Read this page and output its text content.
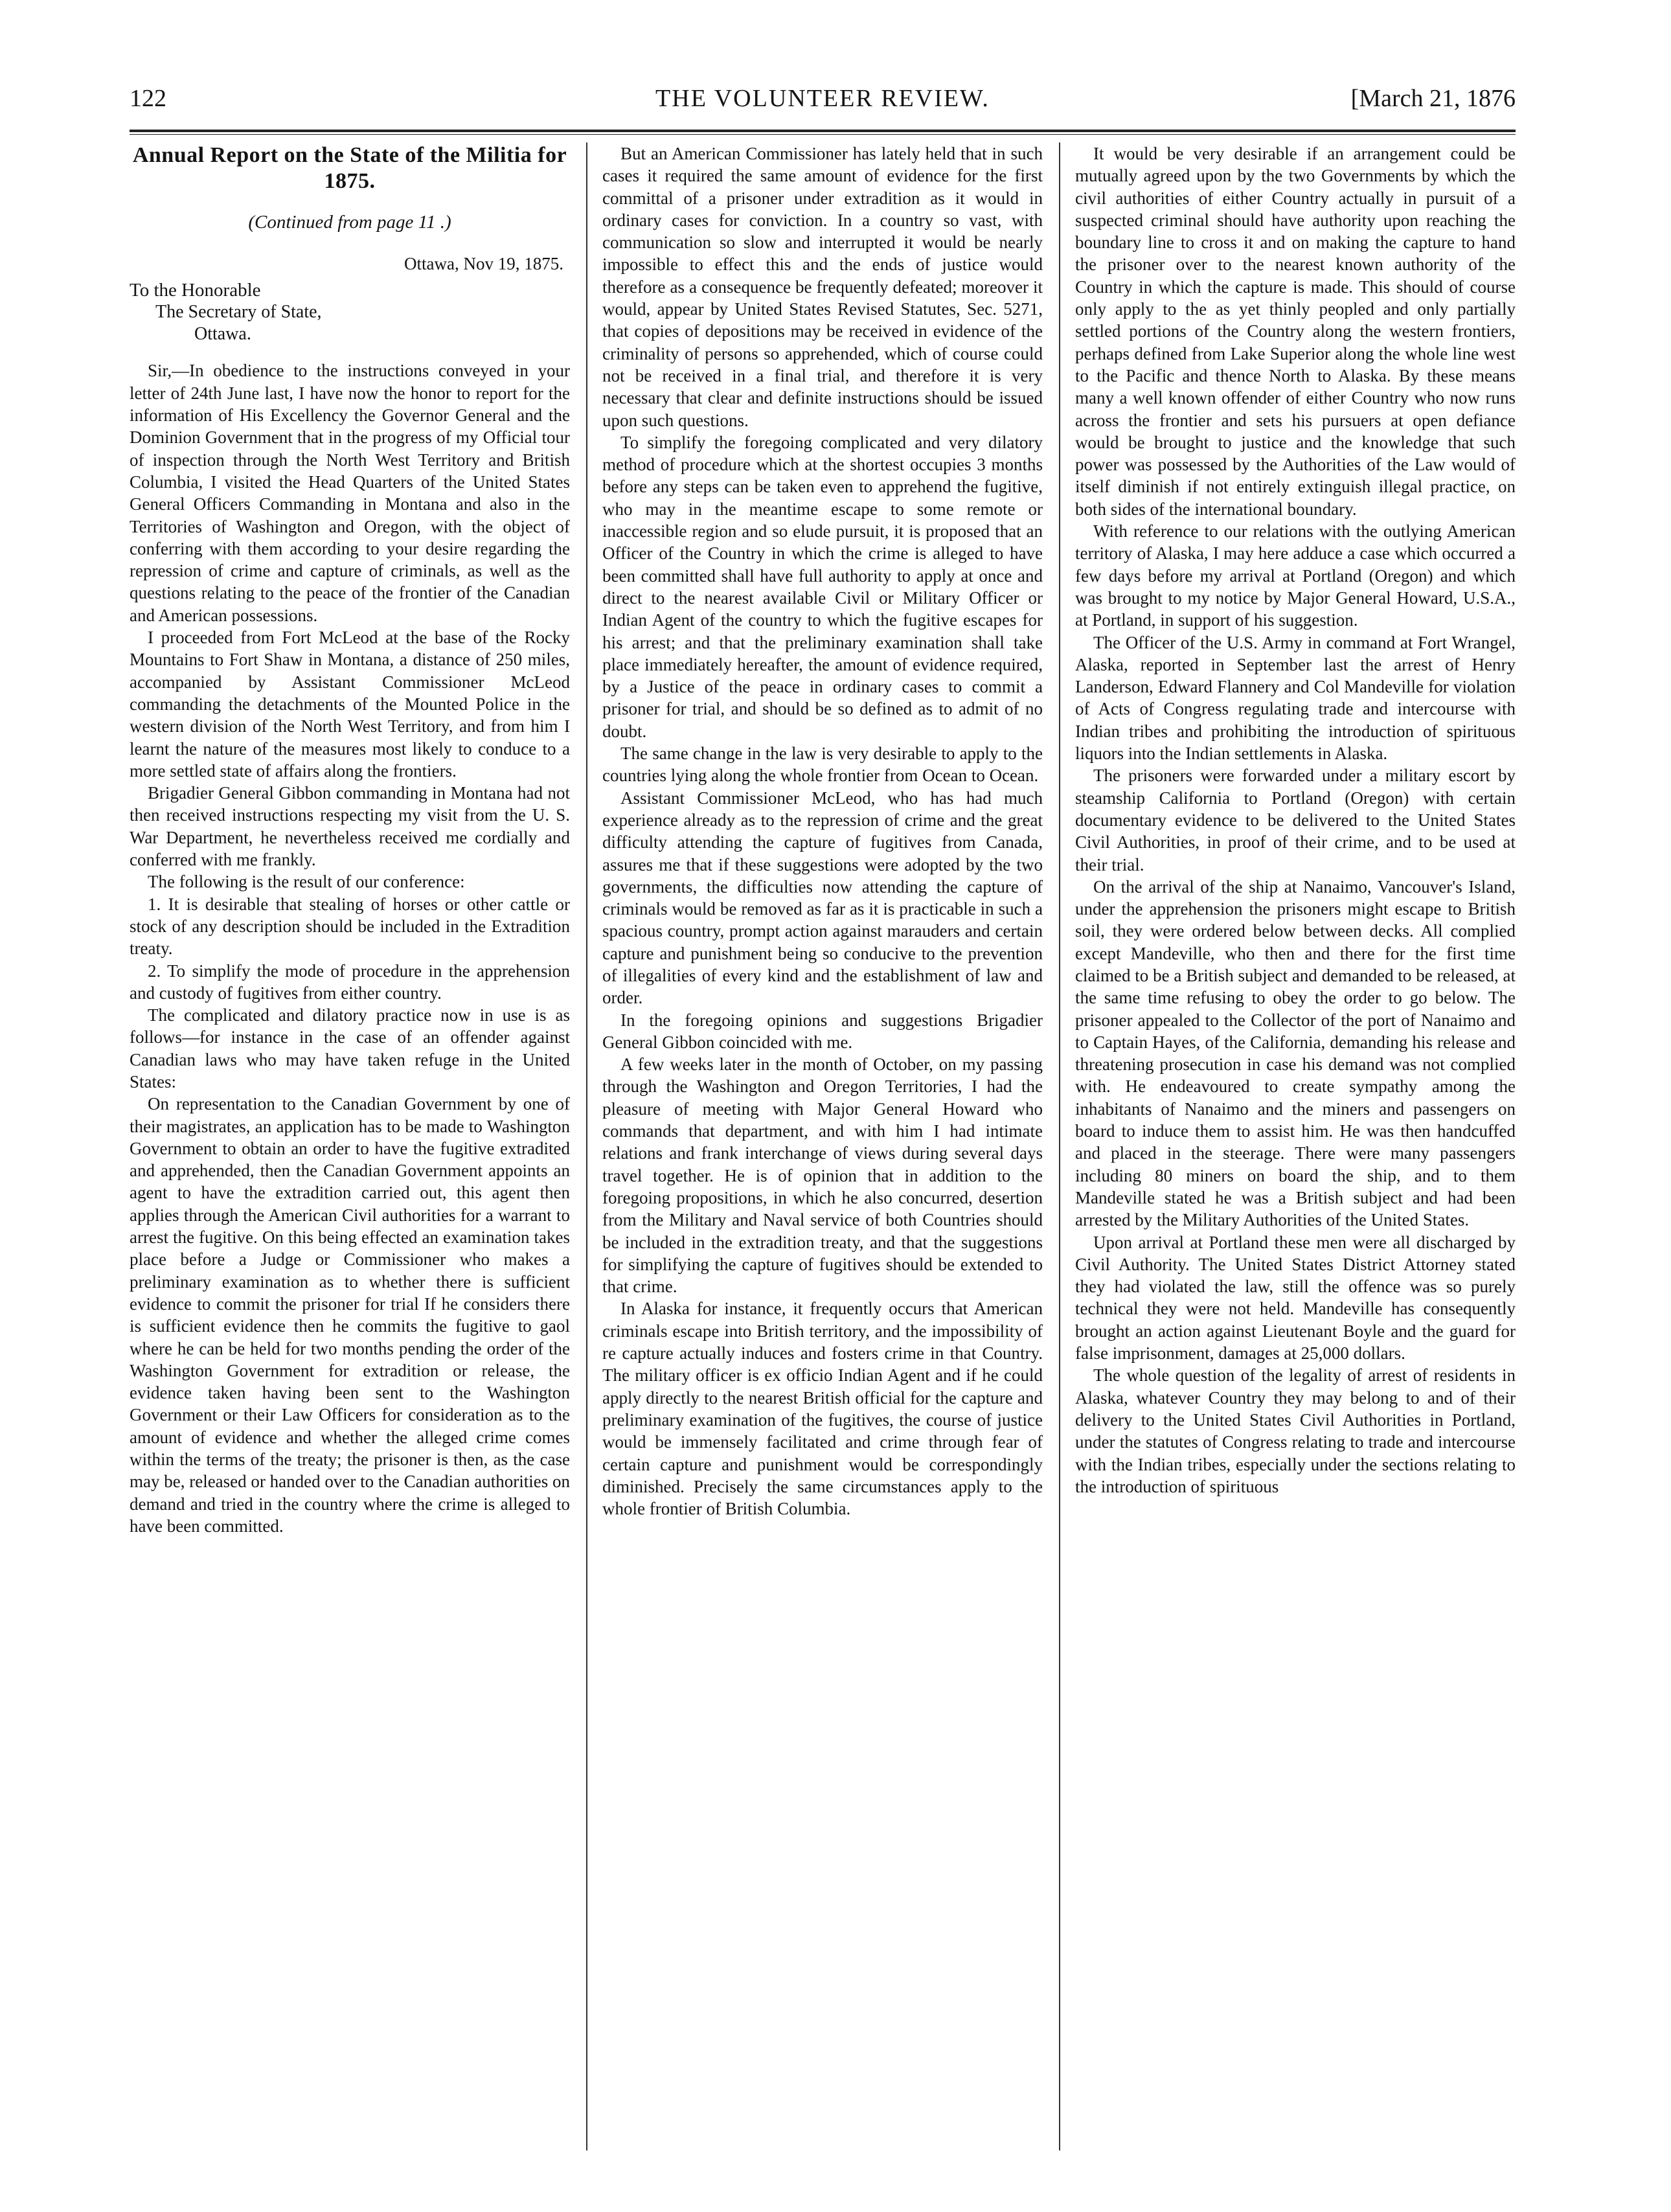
122	THE VOLUNTEER REVIEW.	[March 21, 1876
Annual Report on the State of the Militia for 1875.
(Continued from page 11 .)
Ottawa, Nov 19, 1875.
To the Honorable
The Secretary of State,
Ottawa.

Sir,—In obedience to the instructions conveyed in your letter of 24th June last, I have now the honor to report for the information of His Excellency the Governor General and the Dominion Government that in the progress of my Official tour of inspection through the North West Territory and British Columbia, I visited the Head Quarters of the United States General Officers Commanding in Montana and also in the Territories of Washington and Oregon, with the object of conferring with them according to your desire regarding the repression of crime and capture of criminals, as well as the questions relating to the peace of the frontier of the Canadian and American possessions.

I proceeded from Fort McLeod at the base of the Rocky Mountains to Fort Shaw in Montana, a distance of 250 miles, accompanied by Assistant Commissioner McLeod commanding the detachments of the Mounted Police in the western division of the North West Territory, and from him I learnt the nature of the measures most likely to conduce to a more settled state of affairs along the frontiers.

Brigadier General Gibbon commanding in Montana had not then received instructions respecting my visit from the U. S. War Department, he nevertheless received me cordially and conferred with me frankly.

The following is the result of our conference:

1. It is desirable that stealing of horses or other cattle or stock of any description should be included in the Extradition treaty.

2. To simplify the mode of procedure in the apprehension and custody of fugitives from either country.

The complicated and dilatory practice now in use is as follows—for instance in the case of an offender against Canadian laws who may have taken refuge in the United States:

On representation to the Canadian Government by one of their magistrates, an application has to be made to Washington Government to obtain an order to have the fugitive extradited and apprehended, then the Canadian Government appoints an agent to have the extradition carried out, this agent then applies through the American Civil authorities for a warrant to arrest the fugitive. On this being effected an examination takes place before a Judge or Commissioner who makes a preliminary examination as to whether there is sufficient evidence to commit the prisoner for trial If he considers there is sufficient evidence then he commits the fugitive to gaol where he can be held for two months pending the order of the Washington Government for extradition or release, the evidence taken having been sent to the Washington Government or their Law Officers for consideration as to the amount of evidence and whether the alleged crime comes within the terms of the treaty; the prisoner is then, as the case may be, released or handed over to the Canadian authorities on demand and tried in the country where the crime is alleged to have been committed.

But an American Commissioner has lately held that in such cases it required the same amount of evidence for the first committal of a prisoner under extradition as it would in ordinary cases for conviction. In a country so vast, with communication so slow and interrupted it would be nearly impossible to effect this and the ends of justice would therefore as a consequence be frequently defeated; moreover it would, appear by United States Revised Statutes, Sec. 5271, that copies of depositions may be received in evidence of the criminality of persons so apprehended, which of course could not be received in a final trial, and therefore it is very necessary that clear and definite instructions should be issued upon such questions.

To simplify the foregoing complicated and very dilatory method of procedure which at the shortest occupies 3 months before any steps can be taken even to apprehend the fugitive, who may in the meantime escape to some remote or inaccessible region and so elude pursuit, it is proposed that an Officer of the Country in which the crime is alleged to have been committed shall have full authority to apply at once and direct to the nearest available Civil or Military Officer or Indian Agent of the country to which the fugitive escapes for his arrest; and that the preliminary examination shall take place immediately hereafter, the amount of evidence required, by a Justice of the peace in ordinary cases to commit a prisoner for trial, and should be so defined as to admit of no doubt.

The same change in the law is very desirable to apply to the countries lying along the whole frontier from Ocean to Ocean.

Assistant Commissioner McLeod, who has had much experience already as to the repression of crime and the great difficulty attending the capture of fugitives from Canada, assures me that if these suggestions were adopted by the two governments, the difficulties now attending the capture of criminals would be removed as far as it is practicable in such a spacious country, prompt action against marauders and certain capture and punishment being so conducive to the prevention of illegalities of every kind and the establishment of law and order.

In the foregoing opinions and suggestions Brigadier General Gibbon coincided with me.

A few weeks later in the month of October, on my passing through the Washington and Oregon Territories, I had the pleasure of meeting with Major General Howard who commands that department, and with him I had intimate relations and frank interchange of views during several days travel together. He is of opinion that in addition to the foregoing propositions, in which he also concurred, desertion from the Military and Naval service of both Countries should be included in the extradition treaty, and that the suggestions for simplifying the capture of fugitives should be extended to that crime.

In Alaska for instance, it frequently occurs that American criminals escape into British territory, and the impossibility of re capture actually induces and fosters crime in that Country. The military officer is ex officio Indian Agent and if he could apply directly to the nearest British official for the capture and preliminary examination of the fugitives, the course of justice would be immensely facilitated and crime through fear of certain capture and punishment would be correspondingly diminished. Precisely the same circumstances apply to the whole frontier of British Columbia.

It would be very desirable if an arrangement could be mutually agreed upon by the two Governments by which the civil authorities of either Country actually in pursuit of a suspected criminal should have authority upon reaching the boundary line to cross it and on making the capture to hand the prisoner over to the nearest known authority of the Country in which the capture is made. This should of course only apply to the as yet thinly peopled and only partially settled portions of the Country along the western frontiers, perhaps defined from Lake Superior along the whole line west to the Pacific and thence North to Alaska. By these means many a well known offender of either Country who now runs across the frontier and sets his pursuers at open defiance would be brought to justice and the knowledge that such power was possessed by the Authorities of the Law would of itself diminish if not entirely extinguish illegal practice, on both sides of the international boundary.

With reference to our relations with the outlying American territory of Alaska, I may here adduce a case which occurred a few days before my arrival at Portland (Oregon) and which was brought to my notice by Major General Howard, U.S.A., at Portland, in support of his suggestion.

The Officer of the U.S. Army in command at Fort Wrangel, Alaska, reported in September last the arrest of Henry Landerson, Edward Flannery and Col Mandeville for violation of Acts of Congress regulating trade and intercourse with Indian tribes and prohibiting the introduction of spirituous liquors into the Indian settlements in Alaska.

The prisoners were forwarded under a military escort by steamship California to Portland (Oregon) with certain documentary evidence to be delivered to the United States Civil Authorities, in proof of their crime, and to be used at their trial.

On the arrival of the ship at Nanaimo, Vancouver's Island, under the apprehension the prisoners might escape to British soil, they were ordered below between decks. All complied except Mandeville, who then and there for the first time claimed to be a British subject and demanded to be released, at the same time refusing to obey the order to go below. The prisoner appealed to the Collector of the port of Nanaimo and to Captain Hayes, of the California, demanding his release and threatening prosecution in case his demand was not complied with. He endeavoured to create sympathy among the inhabitants of Nanaimo and the miners and passengers on board to induce them to assist him. He was then handcuffed and placed in the steerage. There were many passengers including 80 miners on board the ship, and to them Mandeville stated he was a British subject and had been arrested by the Military Authorities of the United States.

Upon arrival at Portland these men were all discharged by Civil Authority. The United States District Attorney stated they had violated the law, still the offence was so purely technical they were not held. Mandeville has consequently brought an action against Lieutenant Boyle and the guard for false imprisonment, damages at 25,000 dollars.

The whole question of the legality of arrest of residents in Alaska, whatever Country they may belong to and of their delivery to the United States Civil Authorities in Portland, under the statutes of Congress relating to trade and intercourse with the Indian tribes, especially under the sections relating to the introduction of spirituous
